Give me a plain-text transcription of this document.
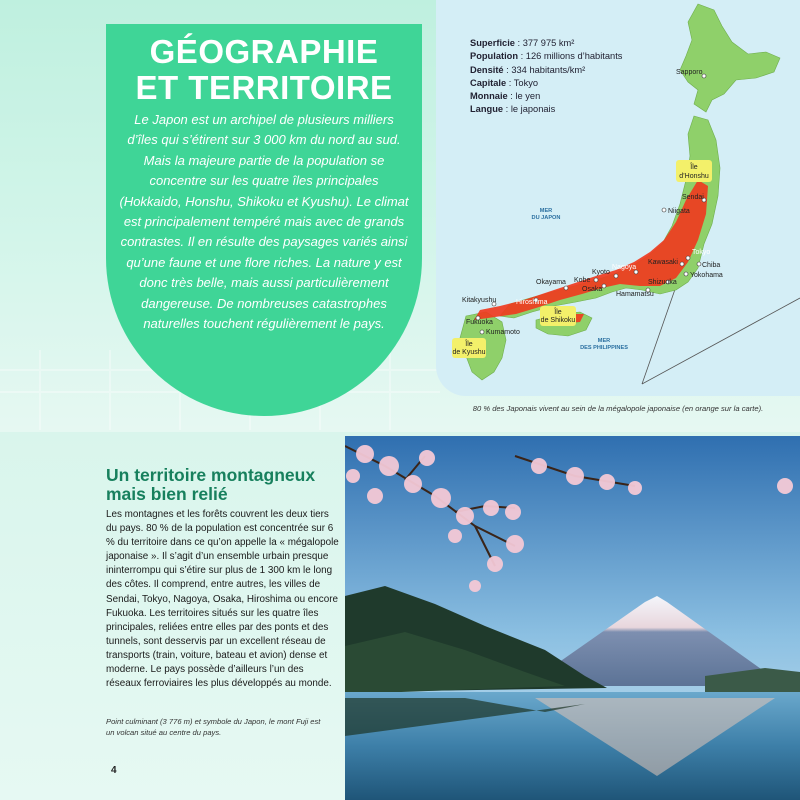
GÉOGRAPHIE
ET TERRITOIRE

Le Japon est un archipel de plusieurs milliers d’îles qui s’étirent sur 3 000 km du nord au sud. Mais la majeure partie de la population se concentre sur les quatre îles principales (Hokkaido, Honshu, Shikoku et Kyushu). Le climat est principalement tempéré mais avec de grands contrastes. Il en résulte des paysages variés ainsi qu’une faune et une flore riches. La nature y est donc très belle, mais aussi particulièrement dangereuse. De nombreuses catastrophes naturelles touchent régulièrement le pays.

Sapporo
Sendai
Niigata
Tokyo
Chiba
Kawasaki
Yokohama
Shizuoka
Nagoya
Kyoto
Kobe
Osaka
Hamamatsu
Okayama
Hiroshima
Kitakyushu
Fukuoka
Kumamoto
MER
DU JAPON
MER
DES PHILIPPINES
Île
d’Honshu
Île
de Shikoku
Île
de Kyushu
Superficie : 377 975 km²
Population : 126 millions d’habitants
Densité : 334 habitants/km²
Capitale : Tokyo
Monnaie : le yen
Langue : le japonais
80 % des Japonais vivent au sein de la mégalopole japonaise (en orange sur la carte).
Un territoire montagneux
mais bien relié

Les montagnes et les forêts couvrent les deux tiers du pays. 80 % de la population est concentrée sur 6 % du territoire dans ce qu’on appelle la « mégalopole japonaise ». Il s’agit d’un ensemble urbain presque ininterrompu qui s’étire sur plus de 1 300 km le long des côtes. Il comprend, entre autres, les villes de Sendai, Tokyo, Nagoya, Osaka, Hiroshima ou encore Fukuoka. Les territoires situés sur les quatre îles principales, reliées entre elles par des ponts et des tunnels, sont desservis par un excellent réseau de transports (train, voiture, bateau et avion) dense et moderne. Le pays possède d’ailleurs l’un des réseaux ferroviaires les plus développés au monde.

Point culminant (3 776 m) et symbole du Japon, le mont Fuji est un volcan situé au centre du pays.

4
